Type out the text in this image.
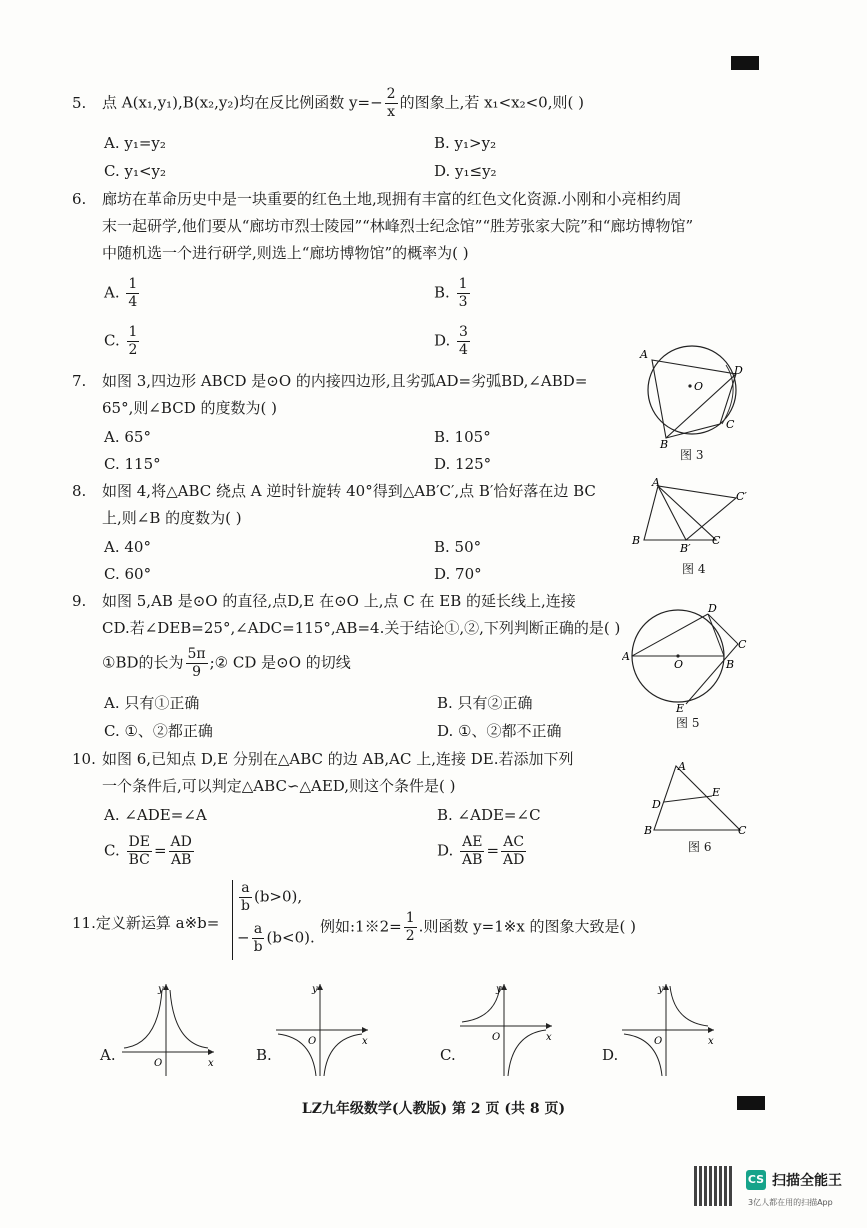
5. 点 A(x₁,y₁),B(x₂,y₂)均在反比例函数 $y=- \frac{2}{x}$ 的图象上,若 x₁<x₂<0,则( )
A. y₁=y₂	B. y₁>y₂
C. y₁<y₂	D. y₁≤y₂
6. 廊坊在革命历史中是一块重要的红色土地,现拥有丰富的红色文化资源.小刚和小亮相约周
末一起研学,他们要从“廊坊市烈士陵园”“林峰烈士纪念馆”“胜芳张家大院”和“廊坊博物馆”
中随机选一个进行研学,则选上“廊坊博物馆”的概率为( )
A. $\frac{1}{4}$	B. $\frac{1}{3}$
C. $\frac{1}{2}$	D. $\frac{3}{4}$
7. 如图 3,四边形 ABCD 是⊙O 的内接四边形,且劣弧AD=劣弧BD,∠ABD=
65°,则∠BCD 的度数为( )
A. 65°	B. 105°
C. 115°	D. 125°
A
O
D
C
B
图 3
8. 如图 4,将△ABC 绕点 A 逆时针旋转 40°得到△AB′C′,点 B′恰好落在边 BC
上,则∠B 的度数为( )
A. 40°	B. 50°
C. 60°	D. 70°
A
B
B′
C
C′
图 4
9. 如图 5,AB 是⊙O 的直径,点D,E 在⊙O 上,点 C 在 EB 的延长线上,连接
CD.若∠DEB=25°,∠ADC=115°,AB=4.关于结论①,②,下列判断正确的是( )
①BD的长为 $\frac{5\pi}{9}$ ;② CD 是⊙O 的切线
A. 只有①正确	B. 只有②正确
C. ①、②都正确	D. ①、②都不正确
A
O
D
C
B
E
图 5
10. 如图 6,已知点 D,E 分别在△ABC 的边 AB,AC 上,连接 DE.若添加下列
一个条件后,可以判定△ABC∽△AED,则这个条件是( )
A. ∠ADE=∠A	B. ∠ADE=∠C
C. $\frac{DE}{BC} = \frac{AD}{AB}$	D. $\frac{AE}{AB} = \frac{AC}{AD}$
A
B	C
D
E
图 6
11.定义新运算 a※b=
$\frac{a}{b} (b>0)$,
− $\frac{a}{b} (b<0)$.
例如:1※2= $\frac{1}{2}$ .则函数 y=1※x 的图象大致是( )
A.
y
x
O	B.
y
x
O
C.
y
x
O
D.
y
x
O
LZ九年级数学(人教版) 第 2 页 (共 8 页)
CS 扫描全能王
3亿人都在用的扫描App
